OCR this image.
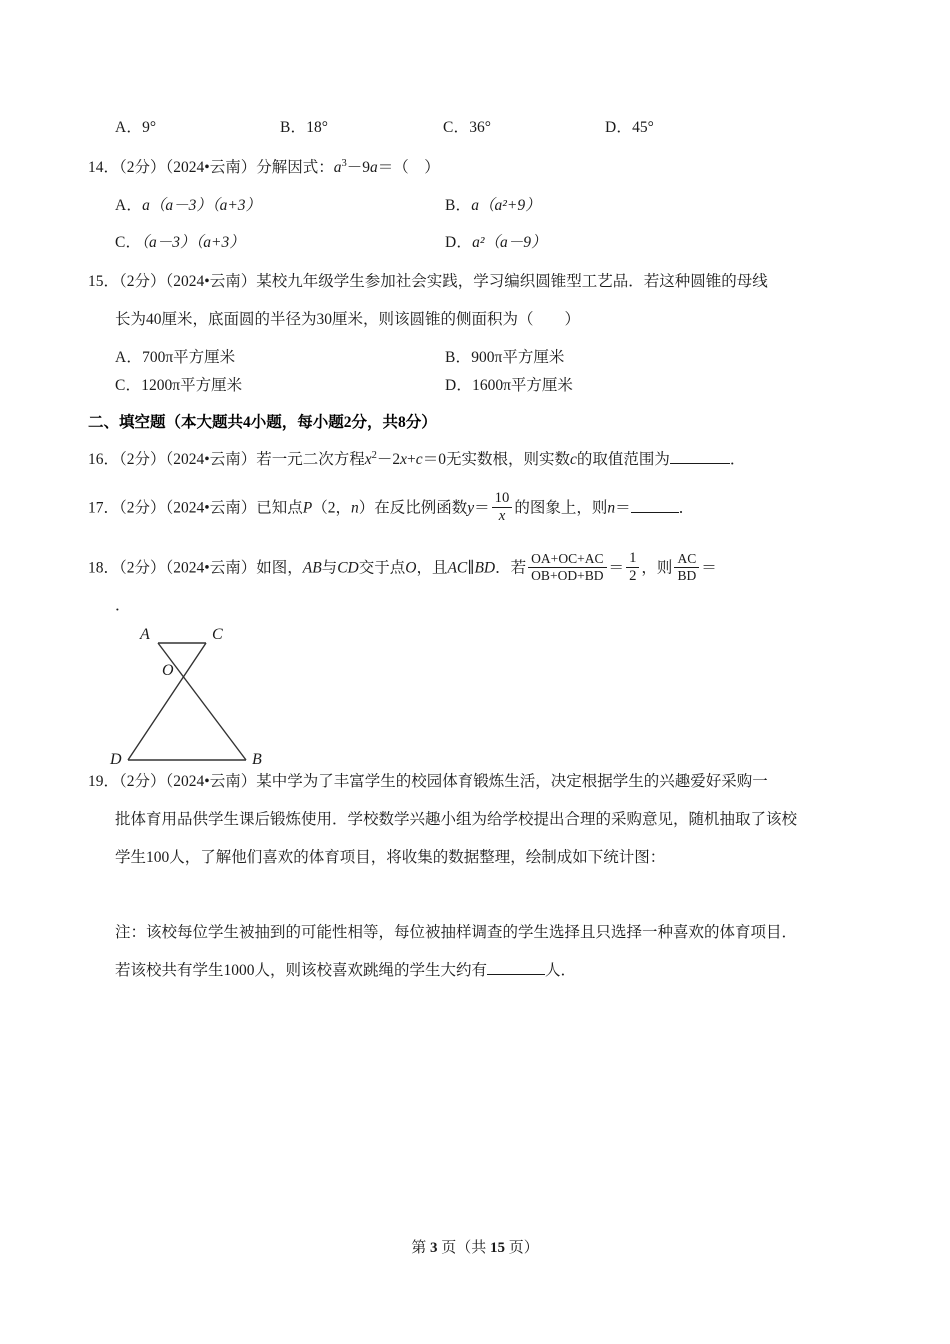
A．9°	B．18°	C．36°	D．45°
14．（2分）（2024•云南）分解因式：$a^3-9a=$（ ）
A．a（a－3）（a+3）	B．a（a²+9）
C．（a－3）（a+3）	D．a²（a－9）
15．（2分）（2024•云南）某校九年级学生参加社会实践，学习编织圆锥型工艺品．若这种圆锥的母线
长为40厘米，底面圆的半径为30厘米，则该圆锥的侧面积为（　　）
A．700π平方厘米	B．900π平方厘米
C．1200π平方厘米	D．1600π平方厘米
二、填空题（本大题共4小题，每小题2分，共8分）
16．（2分）（2024•云南）若一元二次方程$x^2-2x+c=0$无实数根，则实数c的取值范围为	．
17．（2分）（2024•云南）已知点P（2，n）在反比例函数$y= \frac{10}{x}$ 的图象上，则n＝	．
18．（2分）（2024•云南）如图，AB与CD交于点O，且AC∥BD．若 $\frac{OA+OC+AC}{OB+OD+BD} = \frac{1}{2}$ ，则 $\frac{AC}{BD}$ ＝
．
A	C
O
D	B
19．（2分）（2024•云南）某中学为了丰富学生的校园体育锻炼生活，决定根据学生的兴趣爱好采购一
批体育用品供学生课后锻炼使用．学校数学兴趣小组为给学校提出合理的采购意见，随机抽取了该校
学生100人，了解他们喜欢的体育项目，将收集的数据整理，绘制成如下统计图：
注：该校每位学生被抽到的可能性相等，每位被抽样调查的学生选择且只选择一种喜欢的体育项目．
若该校共有学生1000人，则该校喜欢跳绳的学生大约有	人．
第 3 页（共 15 页）
